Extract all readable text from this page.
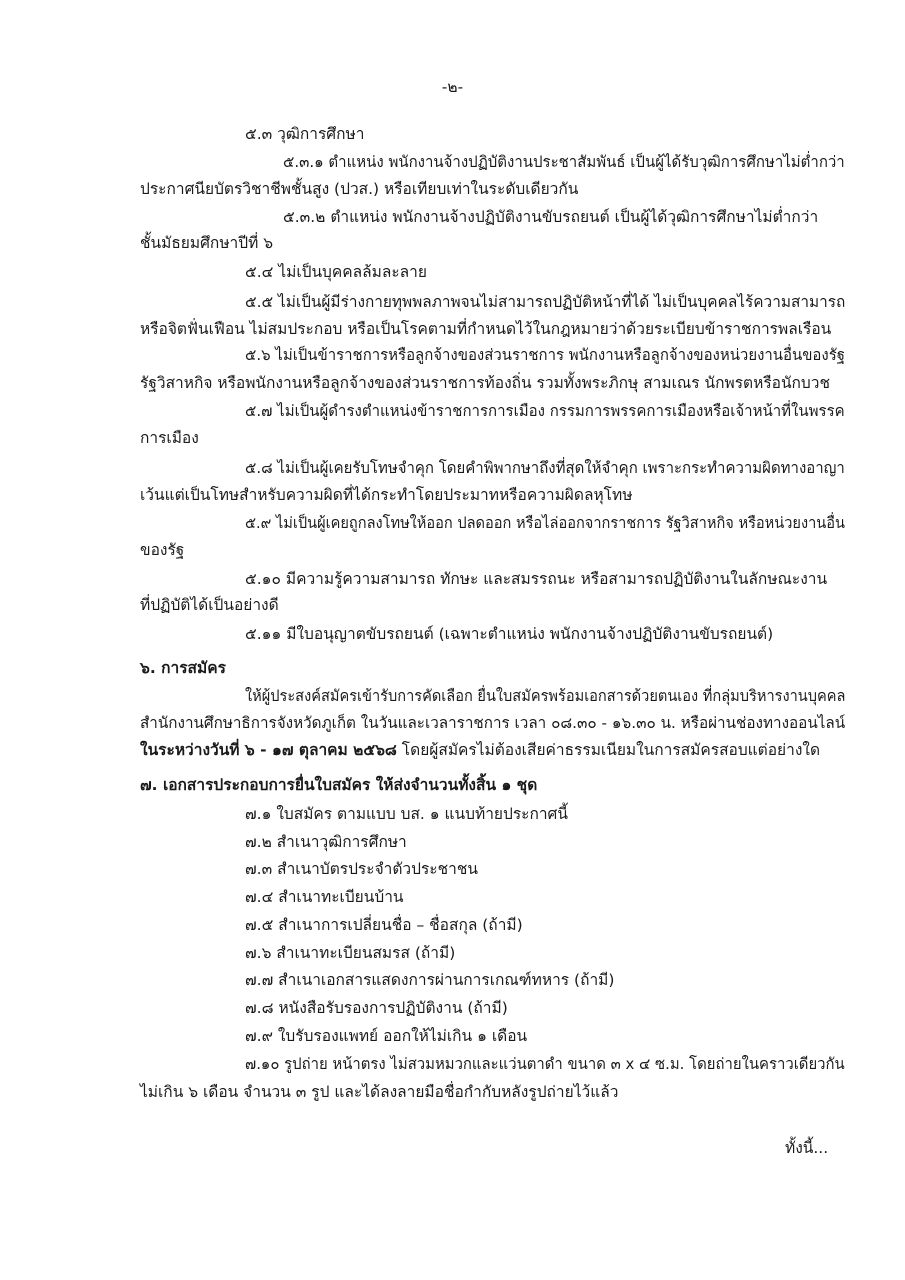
-๒-
๕.๓ วุฒิการศึกษา
๕.๓.๑ ตำแหน่ง พนักงานจ้างปฏิบัติงานประชาสัมพันธ์ เป็นผู้ได้รับวุฒิการศึกษาไม่ต่ำกว่า
ประกาศนียบัตรวิชาชีพชั้นสูง (ปวส.) หรือเทียบเท่าในระดับเดียวกัน
๕.๓.๒ ตำแหน่ง พนักงานจ้างปฏิบัติงานขับรถยนต์ เป็นผู้ได้วุฒิการศึกษาไม่ต่ำกว่า
ชั้นมัธยมศึกษาปีที่ ๖
๕.๔ ไม่เป็นบุคคลล้มละลาย
๕.๕ ไม่เป็นผู้มีร่างกายทุพพลภาพจนไม่สามารถปฏิบัติหน้าที่ได้ ไม่เป็นบุคคลไร้ความสามารถ
หรือจิตฟั่นเฟือน ไม่สมประกอบ หรือเป็นโรคตามที่กำหนดไว้ในกฎหมายว่าด้วยระเบียบข้าราชการพลเรือน
๕.๖ ไม่เป็นข้าราชการหรือลูกจ้างของส่วนราชการ พนักงานหรือลูกจ้างของหน่วยงานอื่นของรัฐ
รัฐวิสาหกิจ หรือพนักงานหรือลูกจ้างของส่วนราชการท้องถิ่น รวมทั้งพระภิกษุ สามเณร นักพรตหรือนักบวช
๕.๗ ไม่เป็นผู้ดำรงตำแหน่งข้าราชการการเมือง กรรมการพรรคการเมืองหรือเจ้าหน้าที่ในพรรค
การเมือง
๕.๘ ไม่เป็นผู้เคยรับโทษจำคุก โดยคำพิพากษาถึงที่สุดให้จำคุก เพราะกระทำความผิดทางอาญา
เว้นแต่เป็นโทษสำหรับความผิดที่ได้กระทำโดยประมาทหรือความผิดลหุโทษ
๕.๙ ไม่เป็นผู้เคยถูกลงโทษให้ออก ปลดออก หรือไล่ออกจากราชการ รัฐวิสาหกิจ หรือหน่วยงานอื่น
ของรัฐ
๕.๑๐ มีความรู้ความสามารถ ทักษะ และสมรรถนะ หรือสามารถปฏิบัติงานในลักษณะงาน
ที่ปฏิบัติได้เป็นอย่างดี
๕.๑๑ มีใบอนุญาตขับรถยนต์ (เฉพาะตำแหน่ง พนักงานจ้างปฏิบัติงานขับรถยนต์)
๖. การสมัคร
ให้ผู้ประสงค์สมัครเข้ารับการคัดเลือก ยื่นใบสมัครพร้อมเอกสารด้วยตนเอง ที่กลุ่มบริหารงานบุคคล
สำนักงานศึกษาธิการจังหวัดภูเก็ต ในวันและเวลาราชการ เวลา ๐๘.๓๐ - ๑๖.๓๐ น. หรือผ่านช่องทางออนไลน์
ในระหว่างวันที่ ๖ - ๑๗ ตุลาคม ๒๕๖๘ โดยผู้สมัครไม่ต้องเสียค่าธรรมเนียมในการสมัครสอบแต่อย่างใด
๗. เอกสารประกอบการยื่นใบสมัคร ให้ส่งจำนวนทั้งสิ้น ๑ ชุด
๗.๑ ใบสมัคร ตามแบบ บส. ๑ แนบท้ายประกาศนี้
๗.๒ สำเนาวุฒิการศึกษา
๗.๓ สำเนาบัตรประจำตัวประชาชน
๗.๔ สำเนาทะเบียนบ้าน
๗.๕ สำเนาการเปลี่ยนชื่อ – ชื่อสกุล (ถ้ามี)
๗.๖ สำเนาทะเบียนสมรส (ถ้ามี)
๗.๗ สำเนาเอกสารแสดงการผ่านการเกณฑ์ทหาร (ถ้ามี)
๗.๘ หนังสือรับรองการปฏิบัติงาน (ถ้ามี)
๗.๙ ใบรับรองแพทย์ ออกให้ไม่เกิน ๑ เดือน
๗.๑๐ รูปถ่าย หน้าตรง ไม่สวมหมวกและแว่นตาดำ ขนาด ๓ x ๔ ซ.ม. โดยถ่ายในคราวเดียวกัน
ไม่เกิน ๖ เดือน จำนวน ๓ รูป และได้ลงลายมือชื่อกำกับหลังรูปถ่ายไว้แล้ว
ทั้งนี้...
